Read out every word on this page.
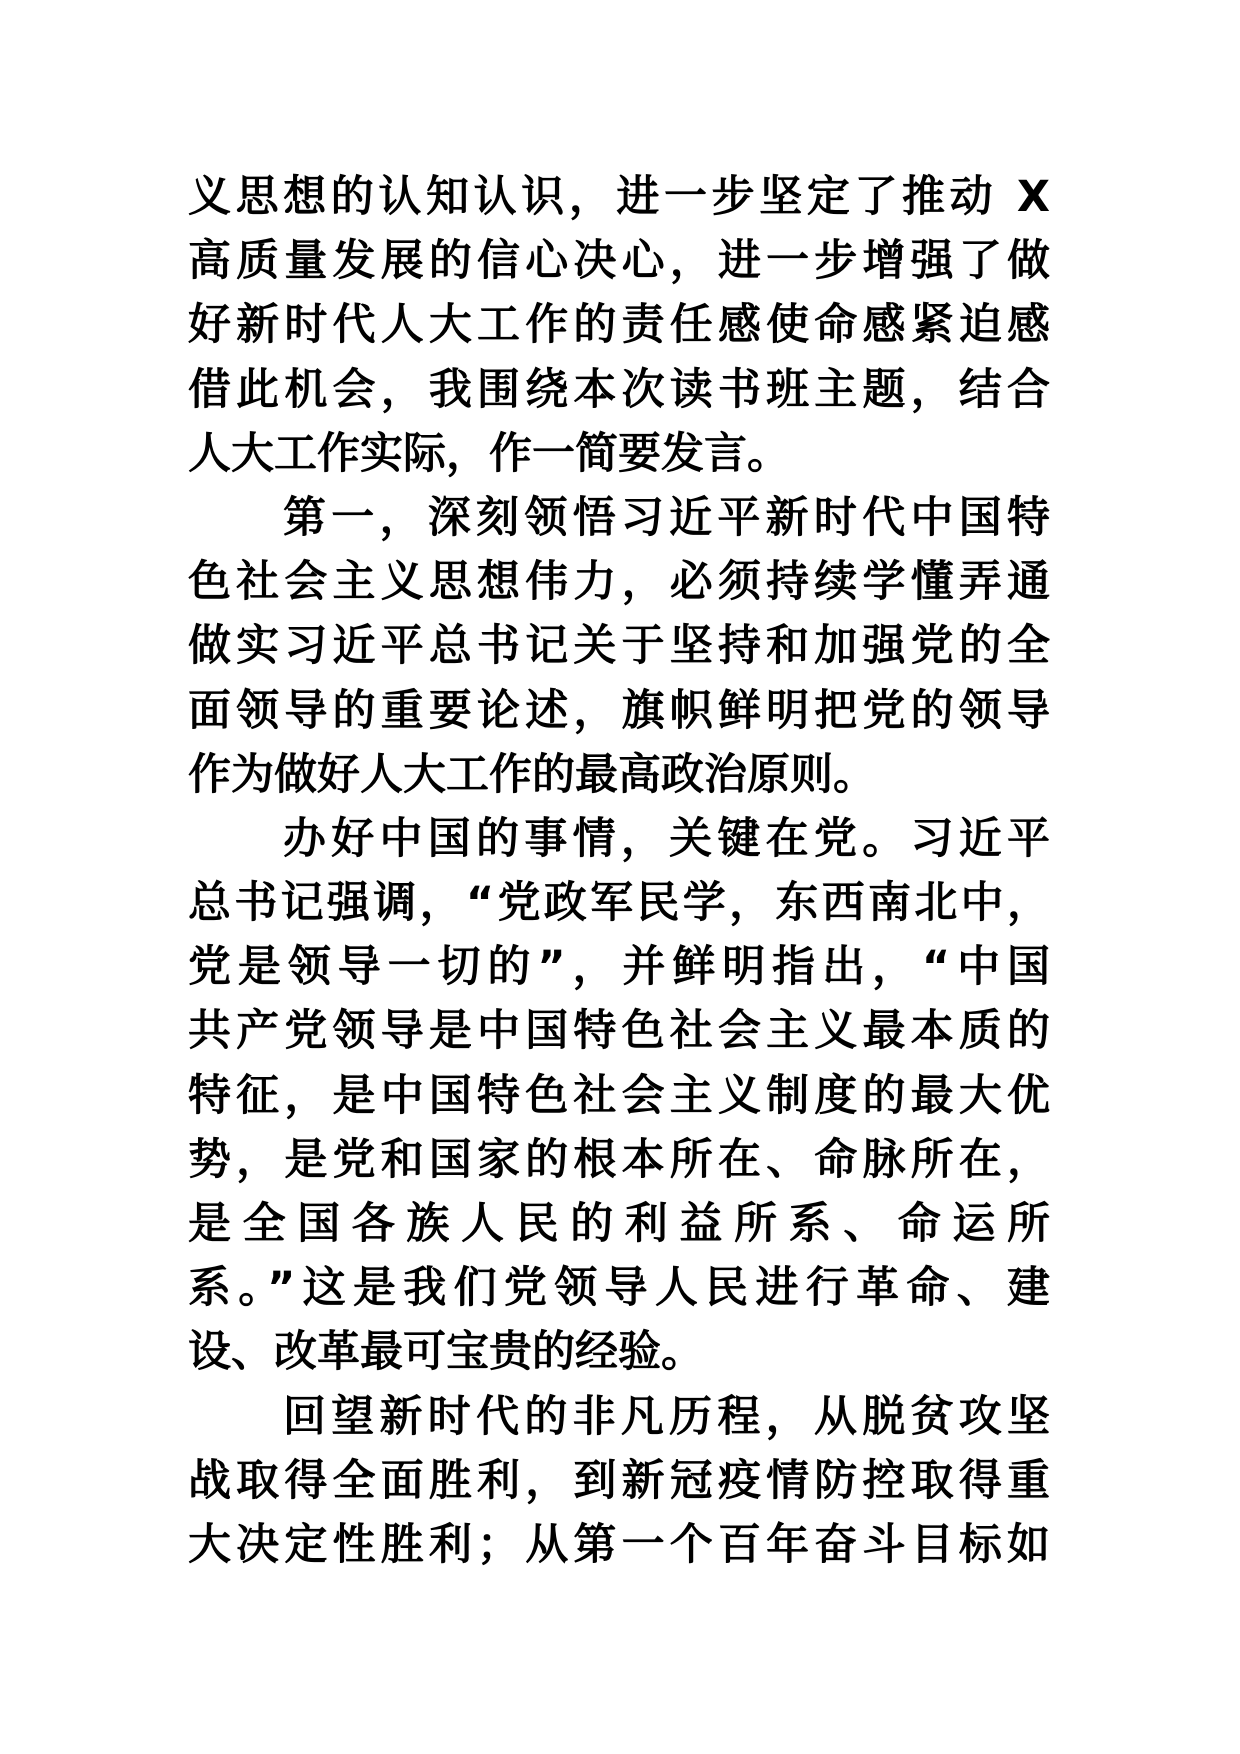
义思想的认知认识，进一步坚定了推动 X
高质量发展的信心决心，进一步增强了做
好新时代人大工作的责任感使命感紧迫感
借此机会，我围绕本次读书班主题，结合
人大工作实际，作一简要发言。
第一，深刻领悟习近平新时代中国特
色社会主义思想伟力，必须持续学懂弄通
做实习近平总书记关于坚持和加强党的全
面领导的重要论述，旗帜鲜明把党的领导
作为做好人大工作的最高政治原则。
办好中国的事情，关键在党。习近平
总书记强调，“党政军民学，东西南北中，
党是领导一切的”，并鲜明指出，“中国
共产党领导是中国特色社会主义最本质的
特征，是中国特色社会主义制度的最大优
势，是党和国家的根本所在、命脉所在，
是全国各族人民的利益所系、命运所
系。”这是我们党领导人民进行革命、建
设、改革最可宝贵的经验。
回望新时代的非凡历程，从脱贫攻坚
战取得全面胜利，到新冠疫情防控取得重
大决定性胜利；从第一个百年奋斗目标如
